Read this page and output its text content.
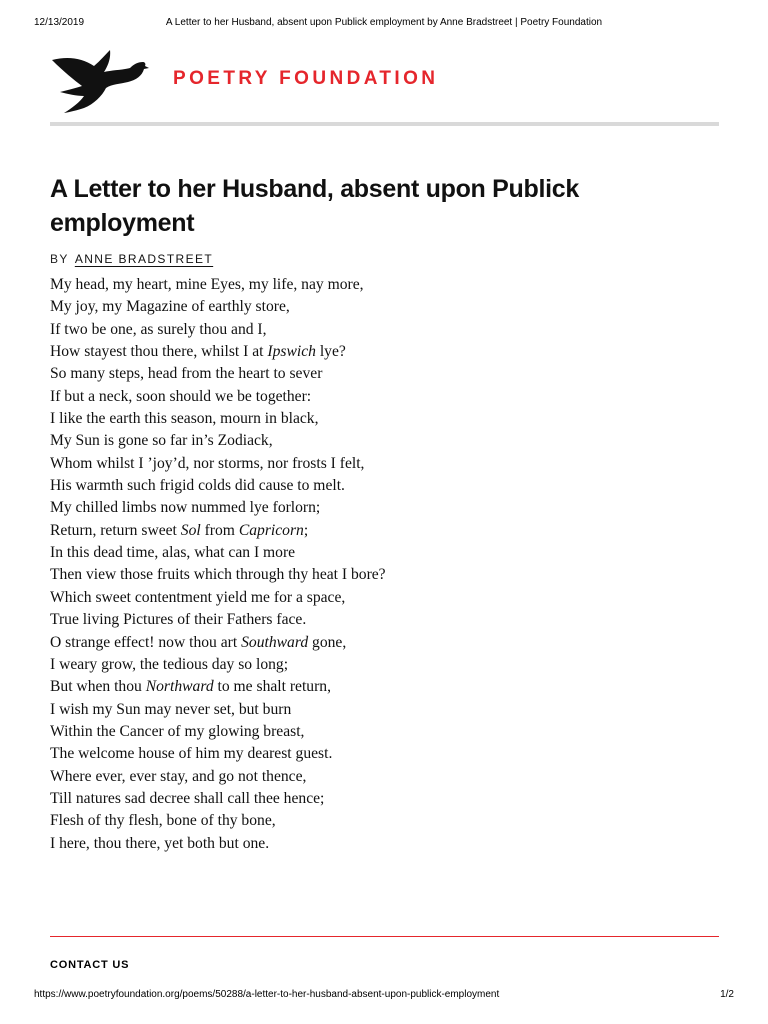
12/13/2019	A Letter to her Husband, absent upon Publick employment by Anne Bradstreet | Poetry Foundation
POETRY FOUNDATION
A Letter to her Husband, absent upon Publick employment
BY ANNE BRADSTREET
My head, my heart, mine Eyes, my life, nay more,
My joy, my Magazine of earthly store,
If two be one, as surely thou and I,
How stayest thou there, whilst I at Ipswich lye?
So many steps, head from the heart to sever
If but a neck, soon should we be together:
I like the earth this season, mourn in black,
My Sun is gone so far in’s Zodiack,
Whom whilst I ’joy’d, nor storms, nor frosts I felt,
His warmth such frigid colds did cause to melt.
My chilled limbs now nummed lye forlorn;
Return, return sweet Sol from Capricorn;
In this dead time, alas, what can I more
Then view those fruits which through thy heat I bore?
Which sweet contentment yield me for a space,
True living Pictures of their Fathers face.
O strange effect! now thou art Southward gone,
I weary grow, the tedious day so long;
But when thou Northward to me shalt return,
I wish my Sun may never set, but burn
Within the Cancer of my glowing breast,
The welcome house of him my dearest guest.
Where ever, ever stay, and go not thence,
Till natures sad decree shall call thee hence;
Flesh of thy flesh, bone of thy bone,
I here, thou there, yet both but one.
CONTACT US
https://www.poetryfoundation.org/poems/50288/a-letter-to-her-husband-absent-upon-publick-employment	1/2
